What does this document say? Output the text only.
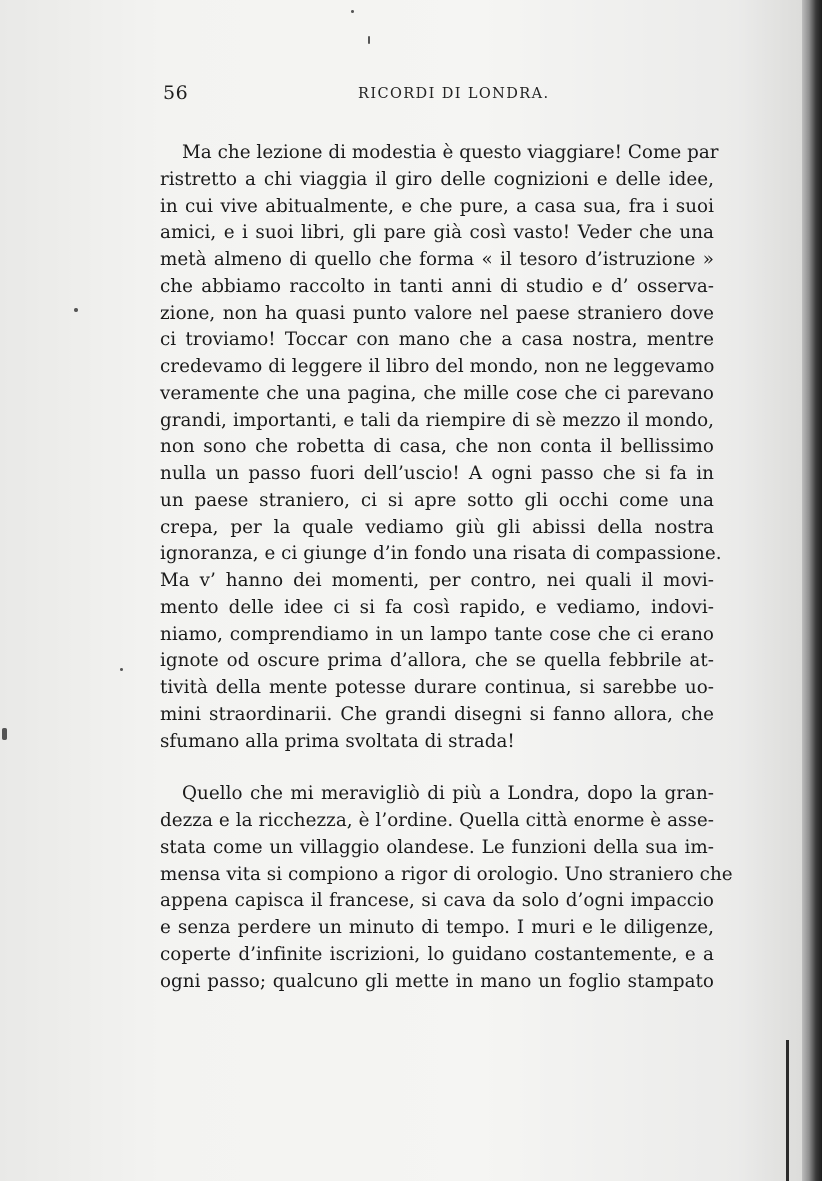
56	RICORDI DI LONDRA.
Ma che lezione di modestia è questo viaggiare! Come par
ristretto a chi viaggia il giro delle cognizioni e delle idee,
in cui vive abitualmente, e che pure, a casa sua, fra i suoi
amici, e i suoi libri, gli pare già così vasto! Veder che una
metà almeno di quello che forma « il tesoro d’istruzione »
che abbiamo raccolto in tanti anni di studio e d’ osserva-
zione, non ha quasi punto valore nel paese straniero dove
ci troviamo! Toccar con mano che a casa nostra, mentre
credevamo di leggere il libro del mondo, non ne leggevamo
veramente che una pagina, che mille cose che ci parevano
grandi, importanti, e tali da riempire di sè mezzo il mondo,
non sono che robetta di casa, che non conta il bellissimo
nulla un passo fuori dell’uscio! A ogni passo che si fa in
un paese straniero, ci si apre sotto gli occhi come una
crepa, per la quale vediamo giù gli abissi della nostra
ignoranza, e ci giunge d’in fondo una risata di compassione.
Ma v’ hanno dei momenti, per contro, nei quali il movi-
mento delle idee ci si fa così rapido, e vediamo, indovi-
niamo, comprendiamo in un lampo tante cose che ci erano
ignote od oscure prima d’allora, che se quella febbrile at-
tività della mente potesse durare continua, si sarebbe uo-
mini straordinarii. Che grandi disegni si fanno allora, che
sfumano alla prima svoltata di strada!
Quello che mi meravigliò di più a Londra, dopo la gran-
dezza e la ricchezza, è l’ordine. Quella città enorme è asse-
stata come un villaggio olandese. Le funzioni della sua im-
mensa vita si compiono a rigor di orologio. Uno straniero che
appena capisca il francese, si cava da solo d’ogni impaccio
e senza perdere un minuto di tempo. I muri e le diligenze,
coperte d’infinite iscrizioni, lo guidano costantemente, e a
ogni passo; qualcuno gli mette in mano un foglio stampato
